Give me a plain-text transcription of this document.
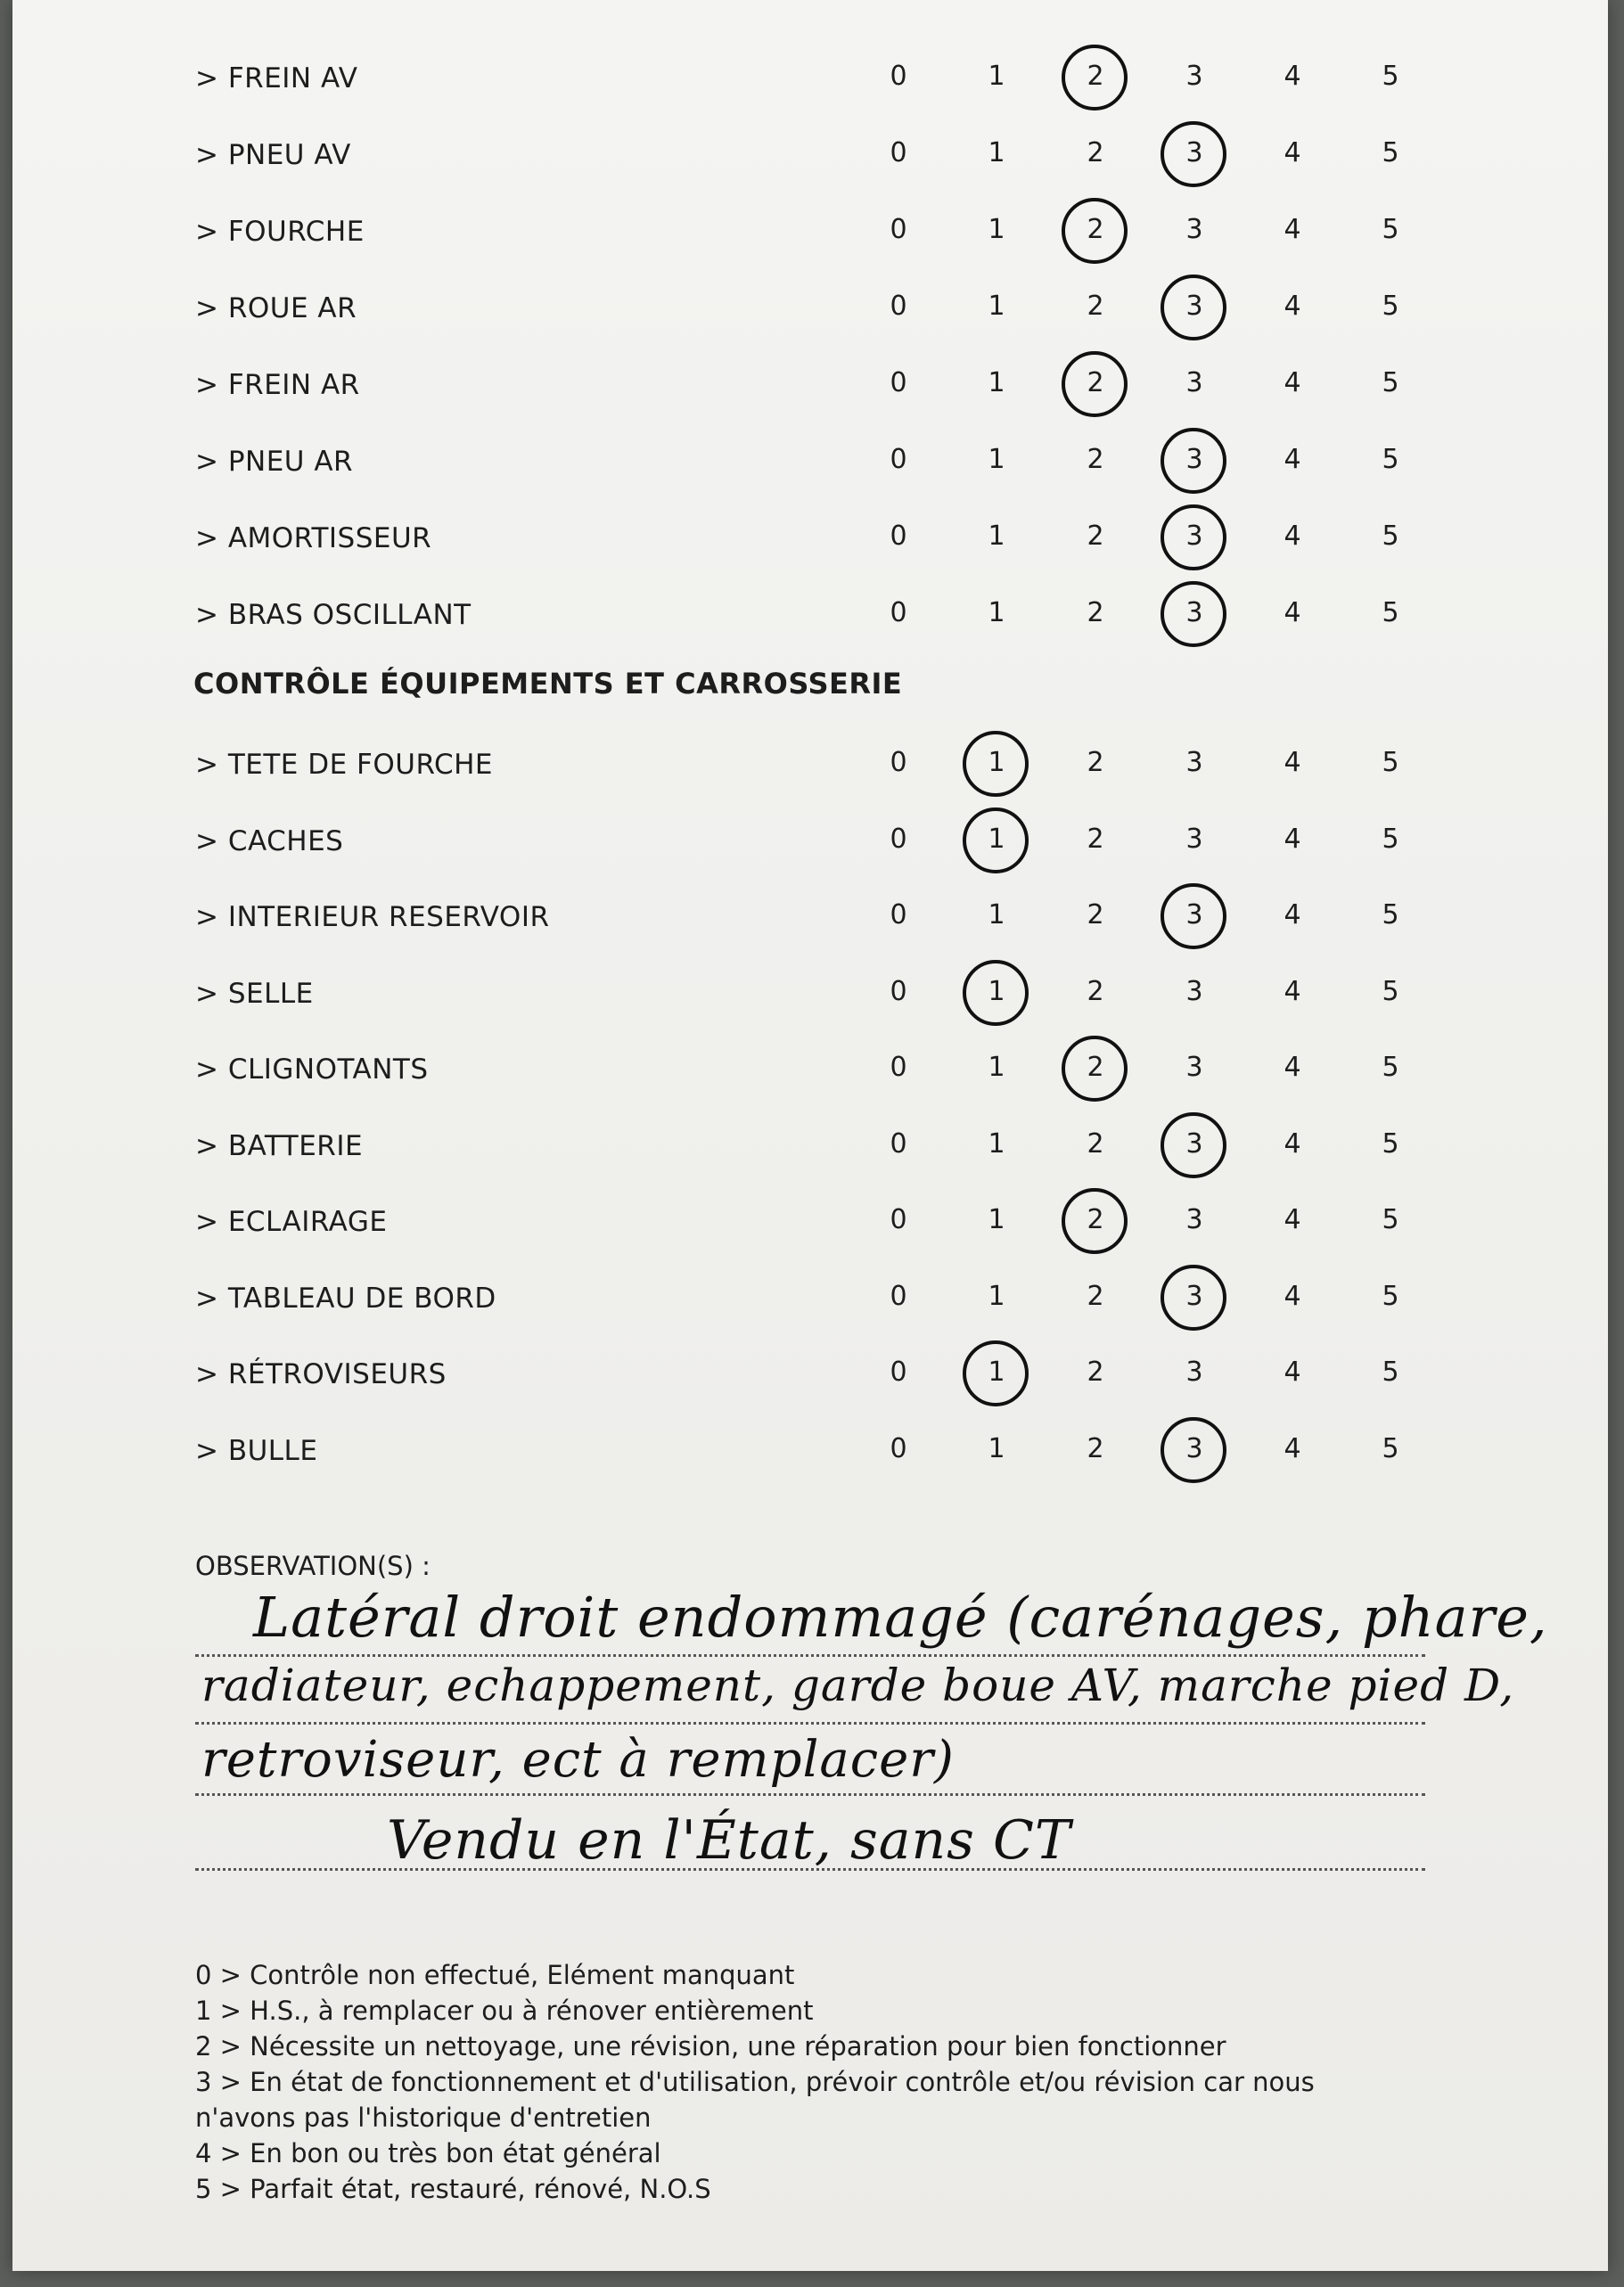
> FREIN AV	0	1	2	3	4	5
> PNEU AV	0	1	2	3	4	5
> FOURCHE	0	1	2	3	4	5
> ROUE AR	0	1	2	3	4	5
> FREIN AR	0	1	2	3	4	5
> PNEU AR	0	1	2	3	4	5
> AMORTISSEUR	0	1	2	3	4	5
> BRAS OSCILLANT	0	1	2	3	4	5
CONTRÔLE ÉQUIPEMENTS ET CARROSSERIE
> TETE DE FOURCHE	0	1	2	3	4	5
> CACHES	0	1	2	3	4	5
> INTERIEUR RESERVOIR	0	1	2	3	4	5
> SELLE	0	1	2	3	4	5
> CLIGNOTANTS	0	1	2	3	4	5
> BATTERIE	0	1	2	3	4	5
> ECLAIRAGE	0	1	2	3	4	5
> TABLEAU DE BORD	0	1	2	3	4	5
> RÉTROVISEURS	0	1	2	3	4	5
> BULLE	0	1	2	3	4	5
OBSERVATION(S) :
Latéral droit endommagé (carénages, phare,
radiateur, echappement, garde boue AV, marche pied D,
retroviseur, ect à remplacer)
Vendu en l'État, sans CT
0 > Contrôle non effectué, Elément manquant
1 > H.S., à remplacer ou à rénover entièrement
2 > Nécessite un nettoyage, une révision, une réparation pour bien fonctionner
3 > En état de fonctionnement et d'utilisation, prévoir contrôle et/ou révision car nous
n'avons pas l'historique d'entretien
4 > En bon ou très bon état général
5 > Parfait état, restauré, rénové, N.O.S
